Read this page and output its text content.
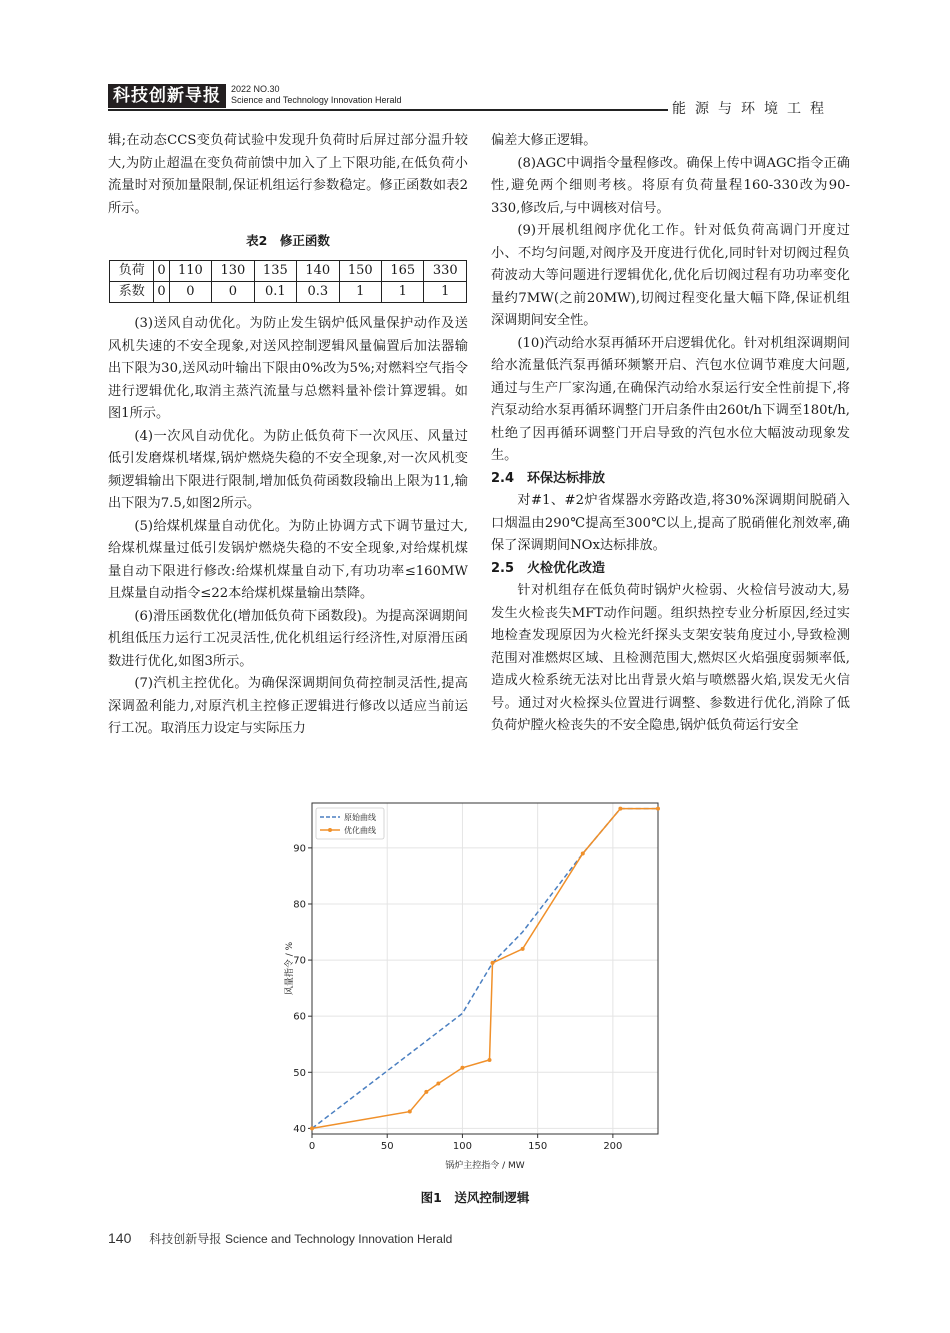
科技创新导报	2022 NO.30
Science and Technology Innovation Herald
能源与环境工程

辑;在动态CCS变负荷试验中发现升负荷时后屏过部分温升较大,为防止超温在变负荷前馈中加入了上下限功能,在低负荷小流量时对预加量限制,保证机组运行参数稳定。修正函数如表2所示。

表2　修正函数
负荷	0	110	130	135	140	150	165	330
系数	0	0	0	0.1	0.3	1	1	1

(3)送风自动优化。为防止发生锅炉低风量保护动作及送风机失速的不安全现象,对送风控制逻辑风量偏置后加法器输出下限为30,送风动叶输出下限由0%改为5%;对燃料空气指令进行逻辑优化,取消主蒸汽流量与总燃料量补偿计算逻辑。如图1所示。

(4)一次风自动优化。为防止低负荷下一次风压、风量过低引发磨煤机堵煤,锅炉燃烧失稳的不安全现象,对一次风机变频逻辑输出下限进行限制,增加低负荷函数段输出上限为11,输出下限为7.5,如图2所示。

(5)给煤机煤量自动优化。为防止协调方式下调节量过大,给煤机煤量过低引发锅炉燃烧失稳的不安全现象,对给煤机煤量自动下限进行修改:给煤机煤量自动下,有功功率≤160MW且煤量自动指令≤22本给煤机煤量输出禁降。

(6)滑压函数优化(增加低负荷下函数段)。为提高深调期间机组低压力运行工况灵活性,优化机组运行经济性,对原滑压函数进行优化,如图3所示。

(7)汽机主控优化。为确保深调期间负荷控制灵活性,提高深调盈利能力,对原汽机主控修正逻辑进行修改以适应当前运行工况。取消压力设定与实际压力

偏差大修正逻辑。

(8)AGC中调指令量程修改。确保上传中调AGC指令正确性,避免两个细则考核。将原有负荷量程160-330改为90-330,修改后,与中调核对信号。

(9)开展机组阀序优化工作。针对低负荷高调门开度过小、不均匀问题,对阀序及开度进行优化,同时针对切阀过程负荷波动大等问题进行逻辑优化,优化后切阀过程有功功率变化量约7MW(之前20MW),切阀过程变化量大幅下降,保证机组深调期间安全性。

(10)汽动给水泵再循环开启逻辑优化。针对机组深调期间给水流量低汽泵再循环频繁开启、汽包水位调节难度大问题,通过与生产厂家沟通,在确保汽动给水泵运行安全性前提下,将汽泵动给水泵再循环调整门开启条件由260t/h下调至180t/h,杜绝了因再循环调整门开启导致的汽包水位大幅波动现象发生。

2.4　环保达标排放

对#1、#2炉省煤器水旁路改造,将30%深调期间脱硝入口烟温由290℃提高至300℃以上,提高了脱硝催化剂效率,确保了深调期间NOx达标排放。

2.5　火检优化改造

针对机组存在低负荷时锅炉火检弱、火检信号波动大,易发生火检丧失MFT动作问题。组织热控专业分析原因,经过实地检查发现原因为火检光纤探头支架安装角度过小,导致检测范围对准燃烬区域、且检测范围大,燃烬区火焰强度弱频率低,造成火检系统无法对比出背景火焰与喷燃器火焰,误发无火信号。通过对火检探头位置进行调整、参数进行优化,消除了低负荷炉膛火检丧失的不安全隐患,锅炉低负荷运行安全

0	50	100	150	200
40
50
60
70
80
90
锅炉主控指令 / MW
风量指令 / %
原始曲线
优化曲线
图1　送风控制逻辑
140 科技创新导报 Science and Technology Innovation Herald
